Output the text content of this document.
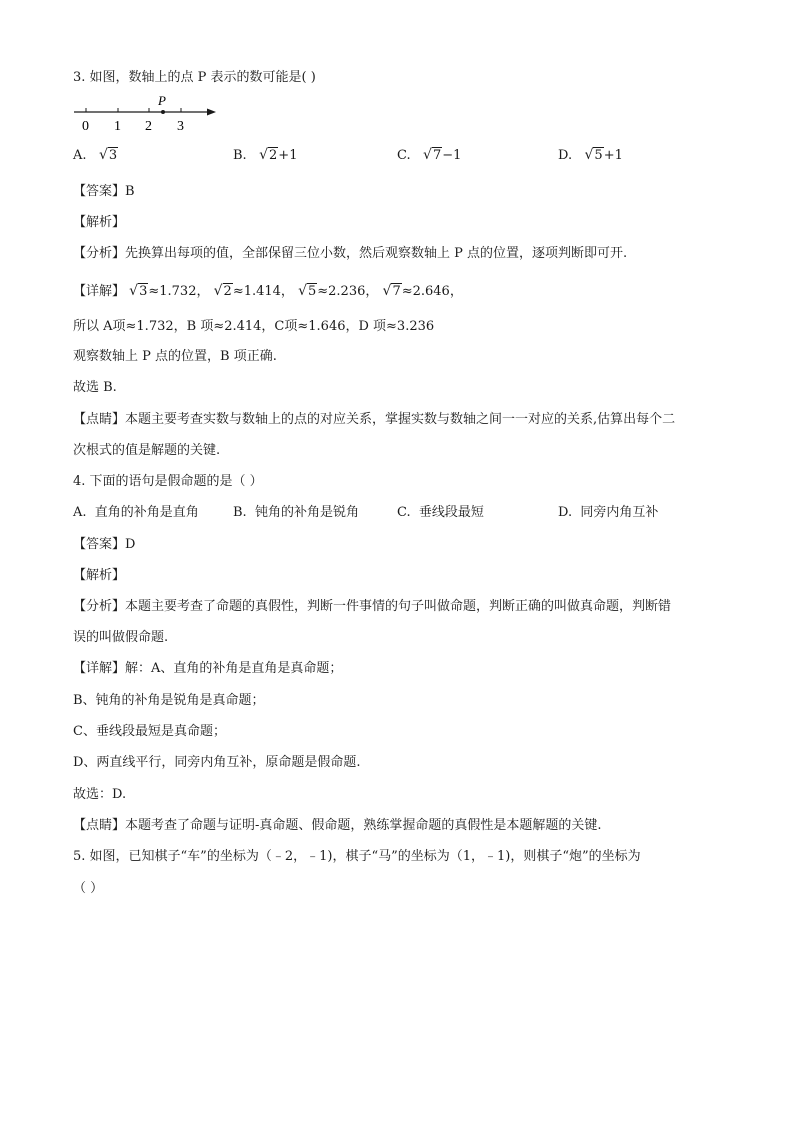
3. 如图，数轴上的点 P 表示的数可能是( )
P
0 1 2 3
A. √3	B. √2+1	C. √7−1	D. √5+1
【答案】B
【解析】
【分析】先换算出每项的值，全部保留三位小数，然后观察数轴上 P 点的位置，逐项判断即可开.
【详解】 √3≈1.732， √2≈1.414， √5≈2.236， √7≈2.646，
所以 A项≈1.732，B 项≈2.414，C项≈1.646，D 项≈3.236
观察数轴上 P 点的位置，B 项正确.
故选 B.
【点睛】本题主要考查实数与数轴上的点的对应关系，掌握实数与数轴之间一一对应的关系,估算出每个二
次根式的值是解题的关键.
4. 下面的语句是假命题的是（ ）
A. 直角的补角是直角	B. 钝角的补角是锐角	C. 垂线段最短	D. 同旁内角互补
【答案】D
【解析】
【分析】本题主要考查了命题的真假性，判断一件事情的句子叫做命题，判断正确的叫做真命题，判断错
误的叫做假命题.
【详解】解：A、直角的补角是直角是真命题；
B、钝角的补角是锐角是真命题；
C、垂线段最短是真命题；
D、两直线平行，同旁内角互补，原命题是假命题.
故选：D.
【点睛】本题考查了命题与证明-真命题、假命题，熟练掌握命题的真假性是本题解题的关键.
5. 如图，已知棋子“车”的坐标为（﹣2，﹣1)，棋子“马”的坐标为（1，﹣1)，则棋子“炮”的坐标为
（ ）
